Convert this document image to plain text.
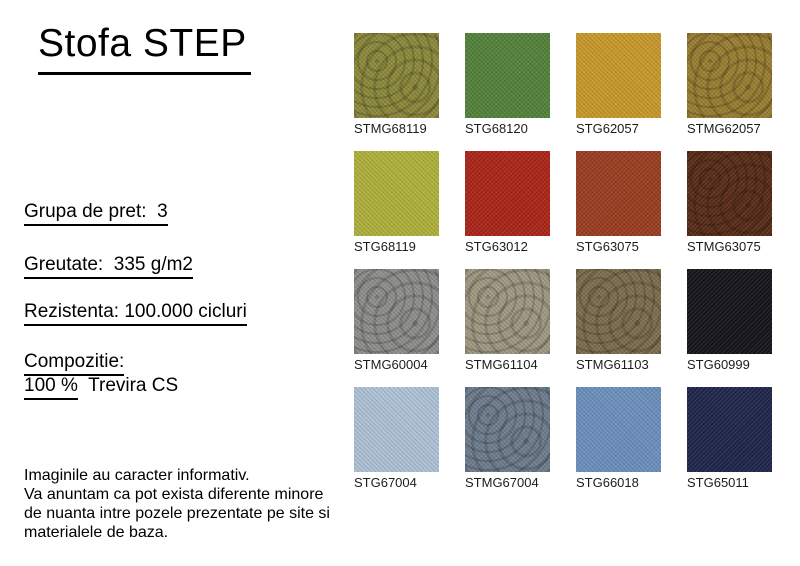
Stofa STEP
Grupa de pret:  3
Greutate:  335 g/m2
Rezistenta: 100.000 cicluri
Compozitie:
100 %  Trevira CS
Imaginile au caracter informativ.
Va anuntam ca pot exista diferente minore
de nuanta intre pozele prezentate pe site si
materialele de baza.
STMG68119	STG68120	STG62057	STMG62057
STG68119	STG63012	STG63075	STMG63075
STMG60004	STMG61104	STMG61103	STG60999
STG67004	STMG67004	STG66018	STG65011
